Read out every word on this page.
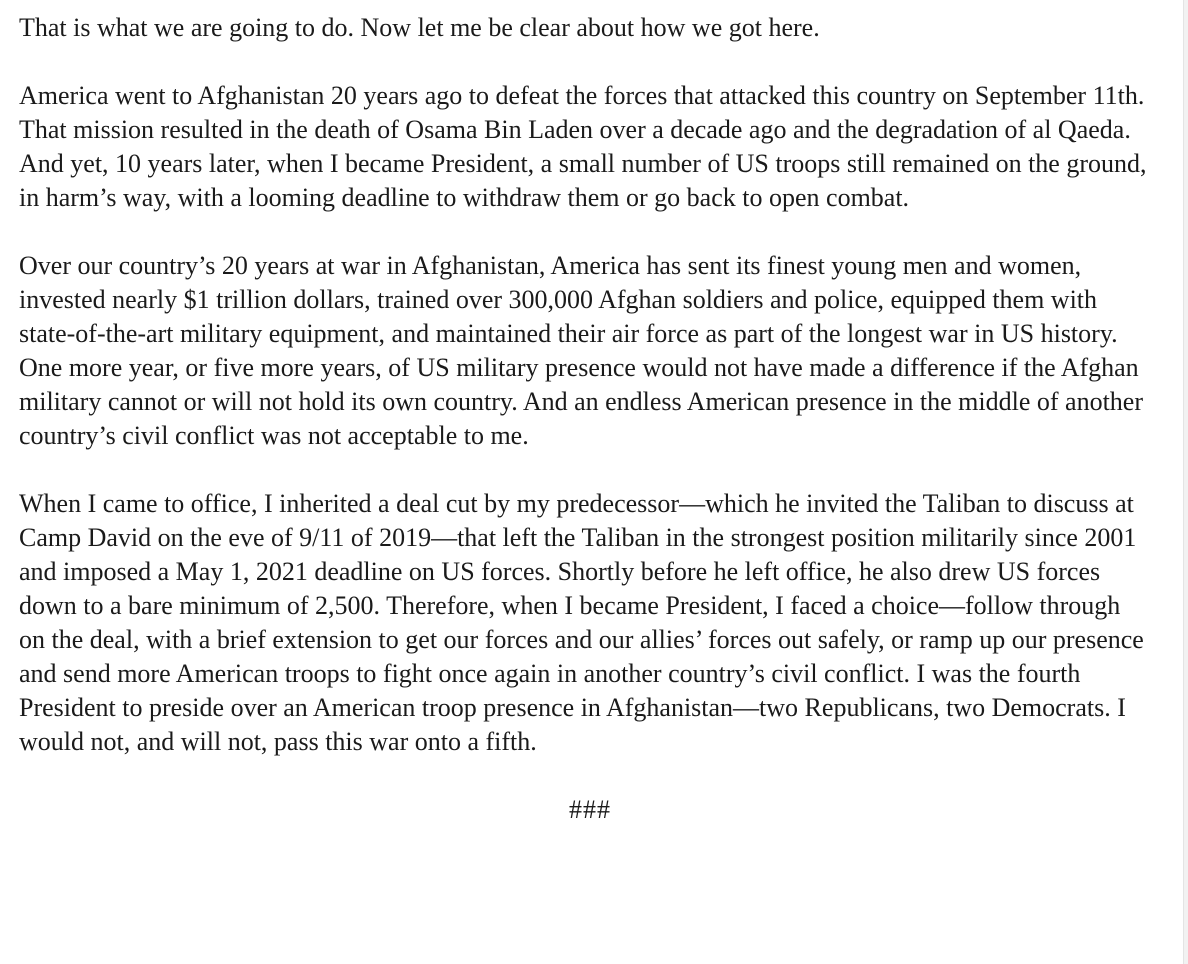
That is what we are going to do. Now let me be clear about how we got here.

America went to Afghanistan 20 years ago to defeat the forces that attacked this country on September 11th. That mission resulted in the death of Osama Bin Laden over a decade ago and the degradation of al Qaeda. And yet, 10 years later, when I became President, a small number of US troops still remained on the ground, in harm’s way, with a looming deadline to withdraw them or go back to open combat.

Over our country’s 20 years at war in Afghanistan, America has sent its finest young men and women, invested nearly $1 trillion dollars, trained over 300,000 Afghan soldiers and police, equipped them with state-of-the-art military equipment, and maintained their air force as part of the longest war in US history. One more year, or five more years, of US military presence would not have made a difference if the Afghan military cannot or will not hold its own country. And an endless American presence in the middle of another country’s civil conflict was not acceptable to me.

When I came to office, I inherited a deal cut by my predecessor—which he invited the Taliban to discuss at Camp David on the eve of 9/11 of 2019—that left the Taliban in the strongest position militarily since 2001 and imposed a May 1, 2021 deadline on US forces. Shortly before he left office, he also drew US forces down to a bare minimum of 2,500. Therefore, when I became President, I faced a choice—follow through on the deal, with a brief extension to get our forces and our allies’ forces out safely, or ramp up our presence and send more American troops to fight once again in another country’s civil conflict. I was the fourth President to preside over an American troop presence in Afghanistan—two Republicans, two Democrats. I would not, and will not, pass this war onto a fifth.

###
